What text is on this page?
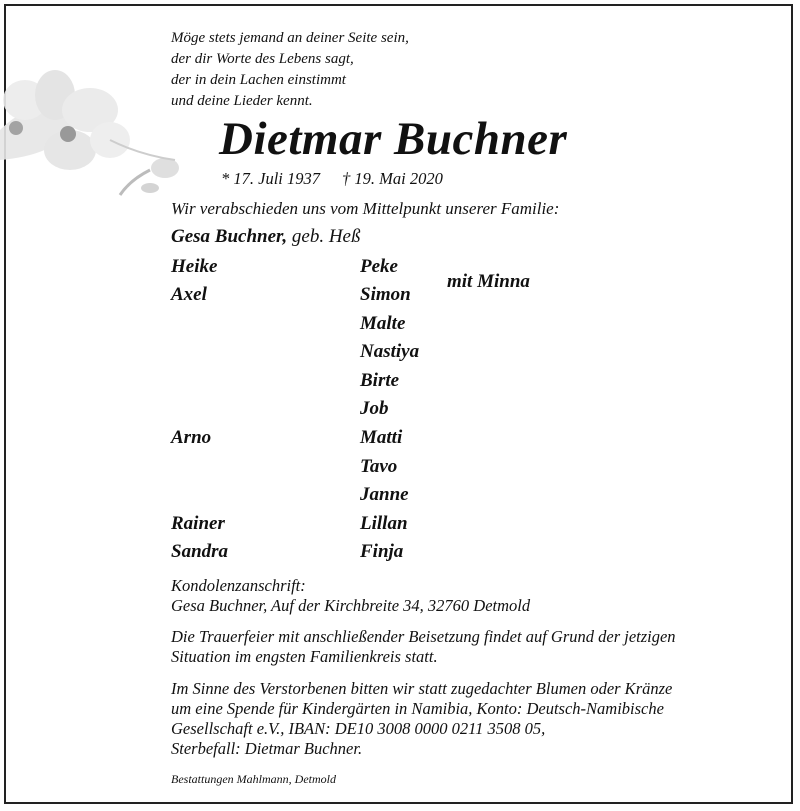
Möge stets jemand an deiner Seite sein,
der dir Worte des Lebens sagt,
der in dein Lachen einstimmt
und deine Lieder kennt.
Dietmar Buchner
* 17. Juli 1937 † 19. Mai 2020
Wir verabschieden uns vom Mittelpunkt unserer Familie:
Gesa Buchner, geb. Heß
Heike
Axel
Arno
Rainer
Sandra
Peke
Simon
Malte
Nastiya
Birte
Job
Matti
Tavo
Janne
Lillan
Finja
mit Minna
Kondolenzanschrift:
Gesa Buchner, Auf der Kirchbreite 34, 32760 Detmold
Die Trauerfeier mit anschließender Beisetzung findet auf Grund der jetzigen
Situation im engsten Familienkreis statt.
Im Sinne des Verstorbenen bitten wir statt zugedachter Blumen oder Kränze
um eine Spende für Kindergärten in Namibia, Konto: Deutsch-Namibische
Gesellschaft e.V., IBAN: DE10 3008 0000 0211 3508 05,
Sterbefall: Dietmar Buchner.
Bestattungen Mahlmann, Detmold
